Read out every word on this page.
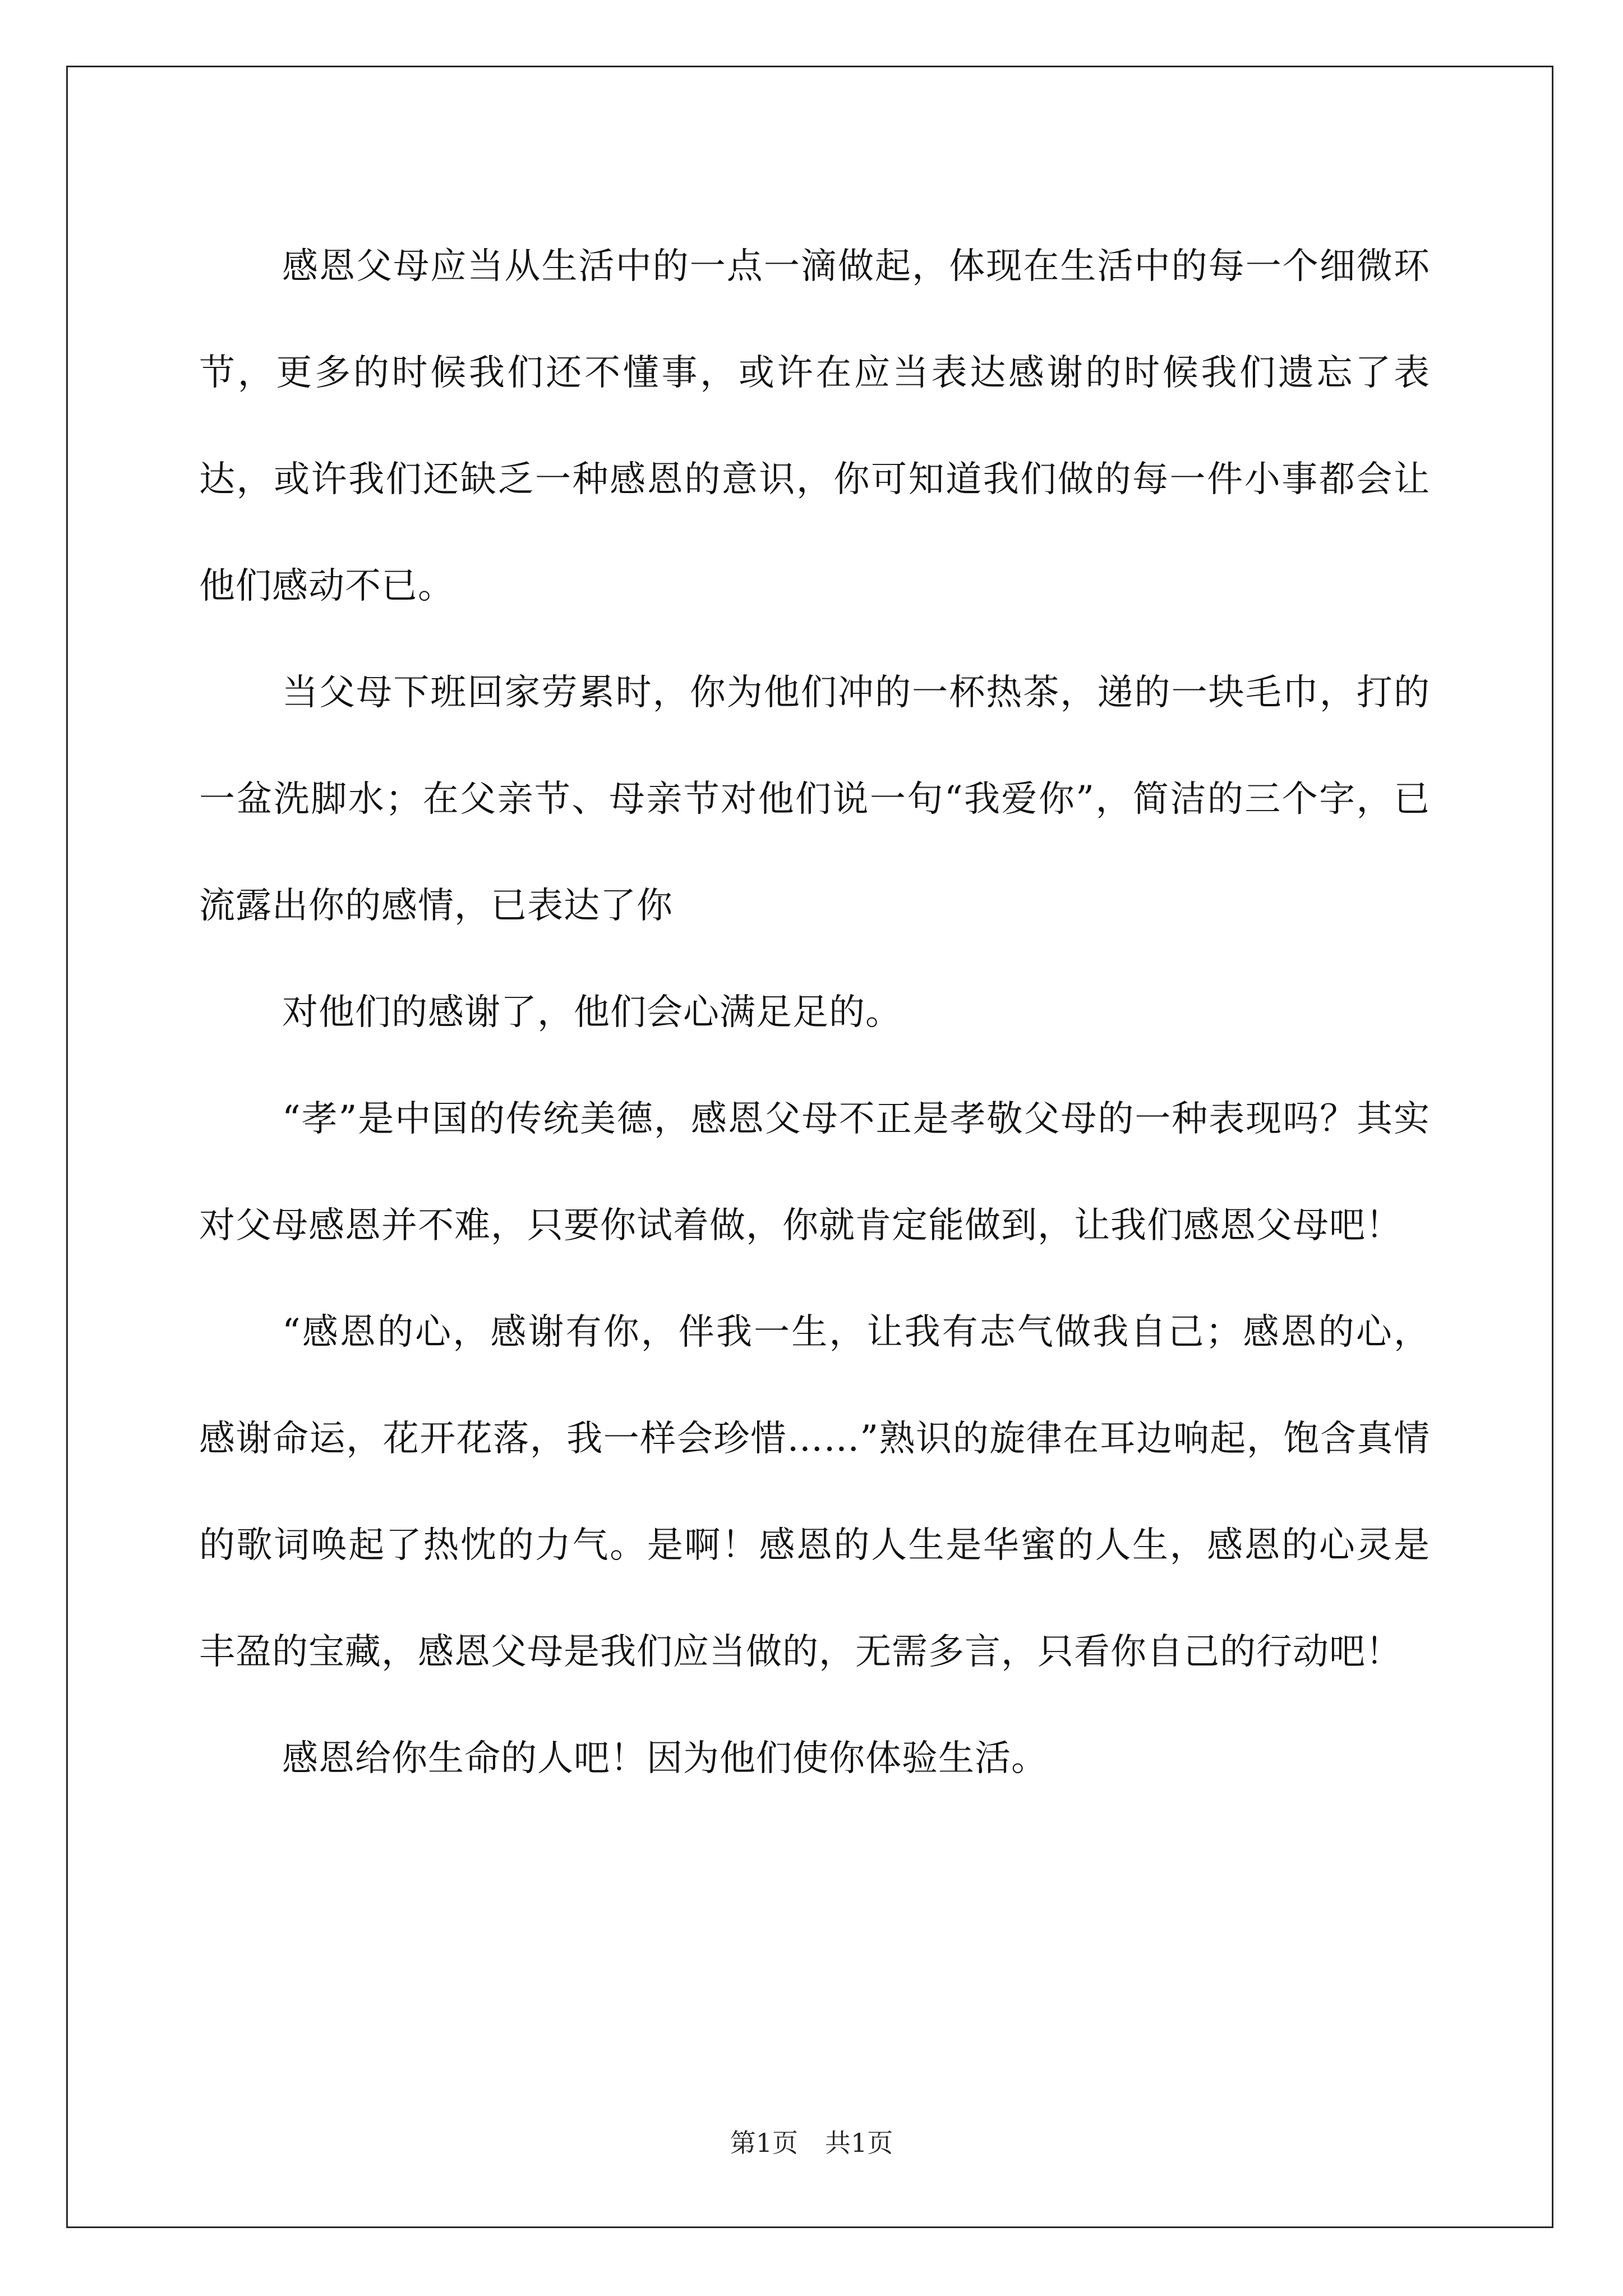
感恩父母应当从生活中的一点一滴做起，体现在生活中的每一个细微环节，更多的时候我们还不懂事，或许在应当表达感谢的时候我们遗忘了表达，或许我们还缺乏一种感恩的意识，你可知道我们做的每一件小事都会让他们感动不已。

当父母下班回家劳累时，你为他们冲的一杯热茶，递的一块毛巾，打的一盆洗脚水；在父亲节、母亲节对他们说一句“我爱你”，简洁的三个字，已流露出你的感情，已表达了你

对他们的感谢了，他们会心满足足的。

“孝”是中国的传统美德，感恩父母不正是孝敬父母的一种表现吗？其实对父母感恩并不难，只要你试着做，你就肯定能做到，让我们感恩父母吧！

“感恩的心，感谢有你，伴我一生，让我有志气做我自己；感恩的心，感谢命运，花开花落，我一样会珍惜……”熟识的旋律在耳边响起，饱含真情的歌词唤起了热忱的力气。是啊！感恩的人生是华蜜的人生，感恩的心灵是丰盈的宝藏，感恩父母是我们应当做的，无需多言，只看你自己的行动吧！

感恩给你生命的人吧！因为他们使你体验生活。

第1页 共1页
